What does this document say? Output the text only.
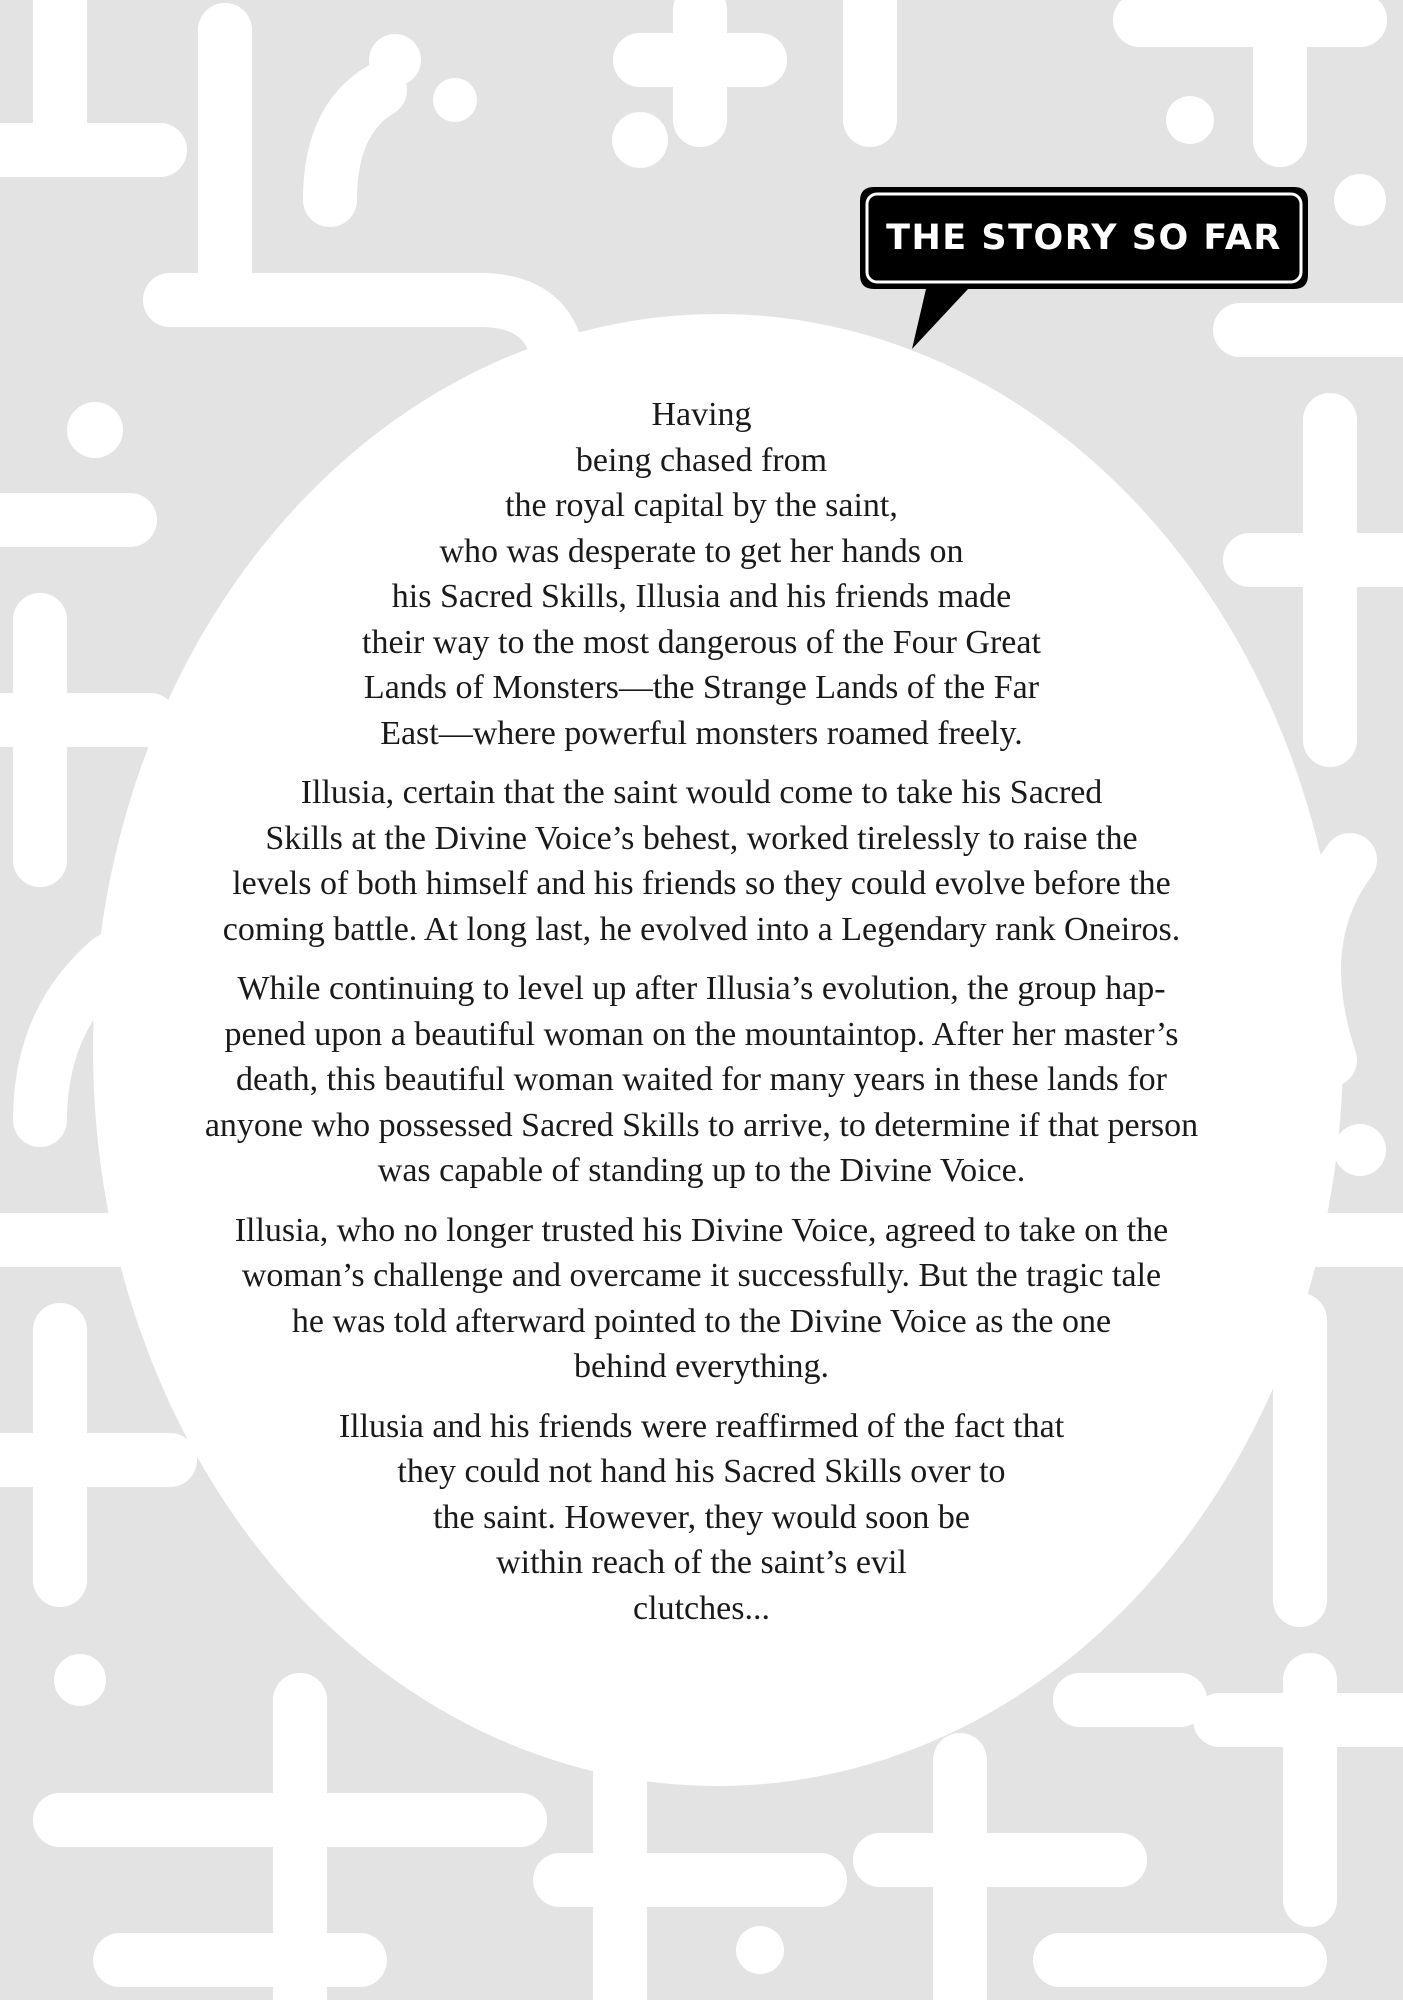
THE STORY SO FAR
Having
being chased from
the royal capital by the saint,
who was desperate to get her hands on
his Sacred Skills, Illusia and his friends made
their way to the most dangerous of the Four Great
Lands of Monsters—the Strange Lands of the Far
East—where powerful monsters roamed freely.
Illusia, certain that the saint would come to take his Sacred
Skills at the Divine Voice’s behest, worked tirelessly to raise the
levels of both himself and his friends so they could evolve before the
coming battle. At long last, he evolved into a Legendary rank Oneiros.
While continuing to level up after Illusia’s evolution, the group hap-
pened upon a beautiful woman on the mountaintop. After her master’s
death, this beautiful woman waited for many years in these lands for
anyone who possessed Sacred Skills to arrive, to determine if that person
was capable of standing up to the Divine Voice.
Illusia, who no longer trusted his Divine Voice, agreed to take on the
woman’s challenge and overcame it successfully. But the tragic tale
he was told afterward pointed to the Divine Voice as the one
behind everything.
Illusia and his friends were reaffirmed of the fact that
they could not hand his Sacred Skills over to
the saint. However, they would soon be
within reach of the saint’s evil
clutches...
